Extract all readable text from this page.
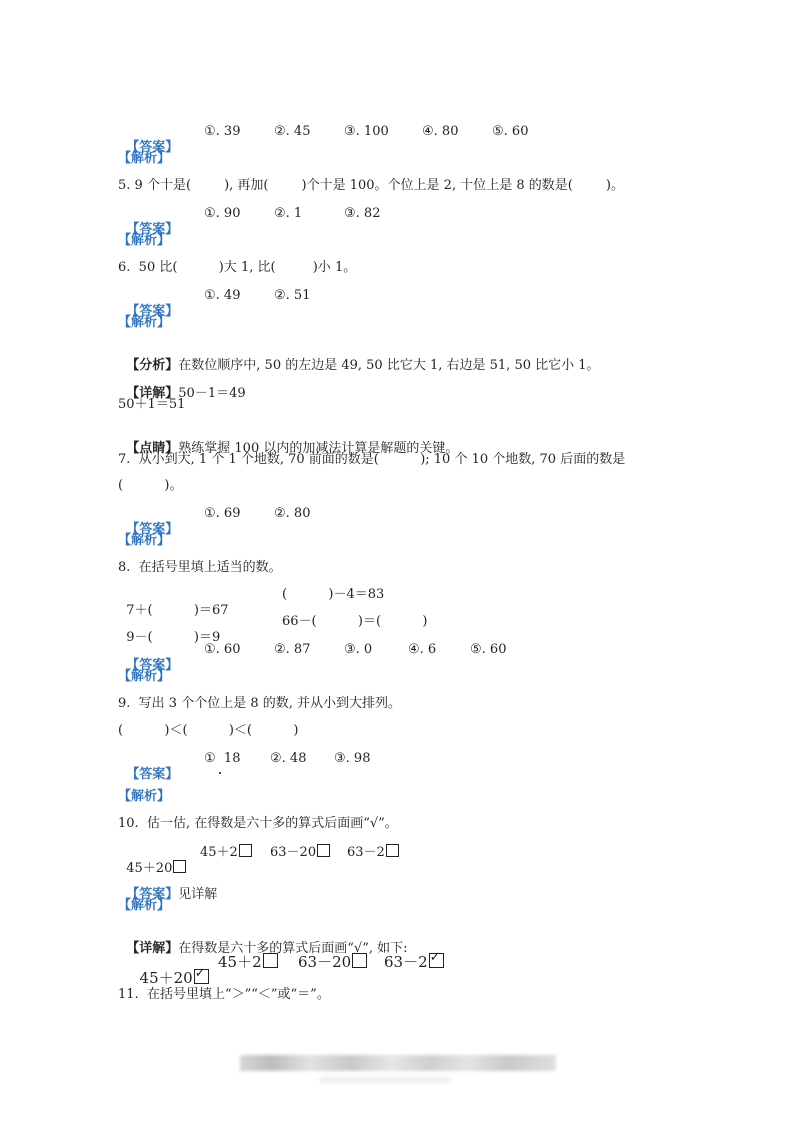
【答案】

①. 39

	②. 45

	③. 100

	④. 80

	⑤. 60

【解析】
5. 9 个十是(        ), 再加(        )个十是 100。个位上是 2, 十位上是 8 的数是(        )。

【答案】

①. 90

	②. 1

	③. 82

【解析】
6.  50 比(          )大 1, 比(         )小 1。

【答案】

①. 49

	②. 51

【解析】

【分析】在数位顺序中, 50 的左边是 49, 50 比它大 1, 右边是 51, 50 比它小 1。

【详解】50－1＝49

50＋1＝51

【点睛】熟练掌握 100 以内的加减法计算是解题的关键。

7.  从小到大, 1 个 1 个地数, 70 前面的数是(          ); 10 个 10 个地数, 70 后面的数是
(          )。

【答案】

①. 69

	②. 80

【解析】
8.  在括号里填上适当的数。

7＋(          )＝67

(          )－4＝83

9－(          )＝9

66－(          )＝(          )

【答案】

①. 60

	②. 87

	③. 0

	④. 6

	⑤. 60

【解析】
9.  写出 3 个个位上是 8 的数, 并从小到大排列。
(          )＜(          )＜(          )

【答案】

①  18

②. 48

③. 98

【解析】
10.  估一估, 在得数是六十多的算式后面画“√”。

45＋20

45＋2

	63－20

	63－2

【答案】见详解

【解析】

【详解】在得数是六十多的算式后面画“√”, 如下:

45＋20 ✓

45＋2

	63－20

	63－2 ✓

11.  在括号里填上“＞”“＜”或“＝”。
